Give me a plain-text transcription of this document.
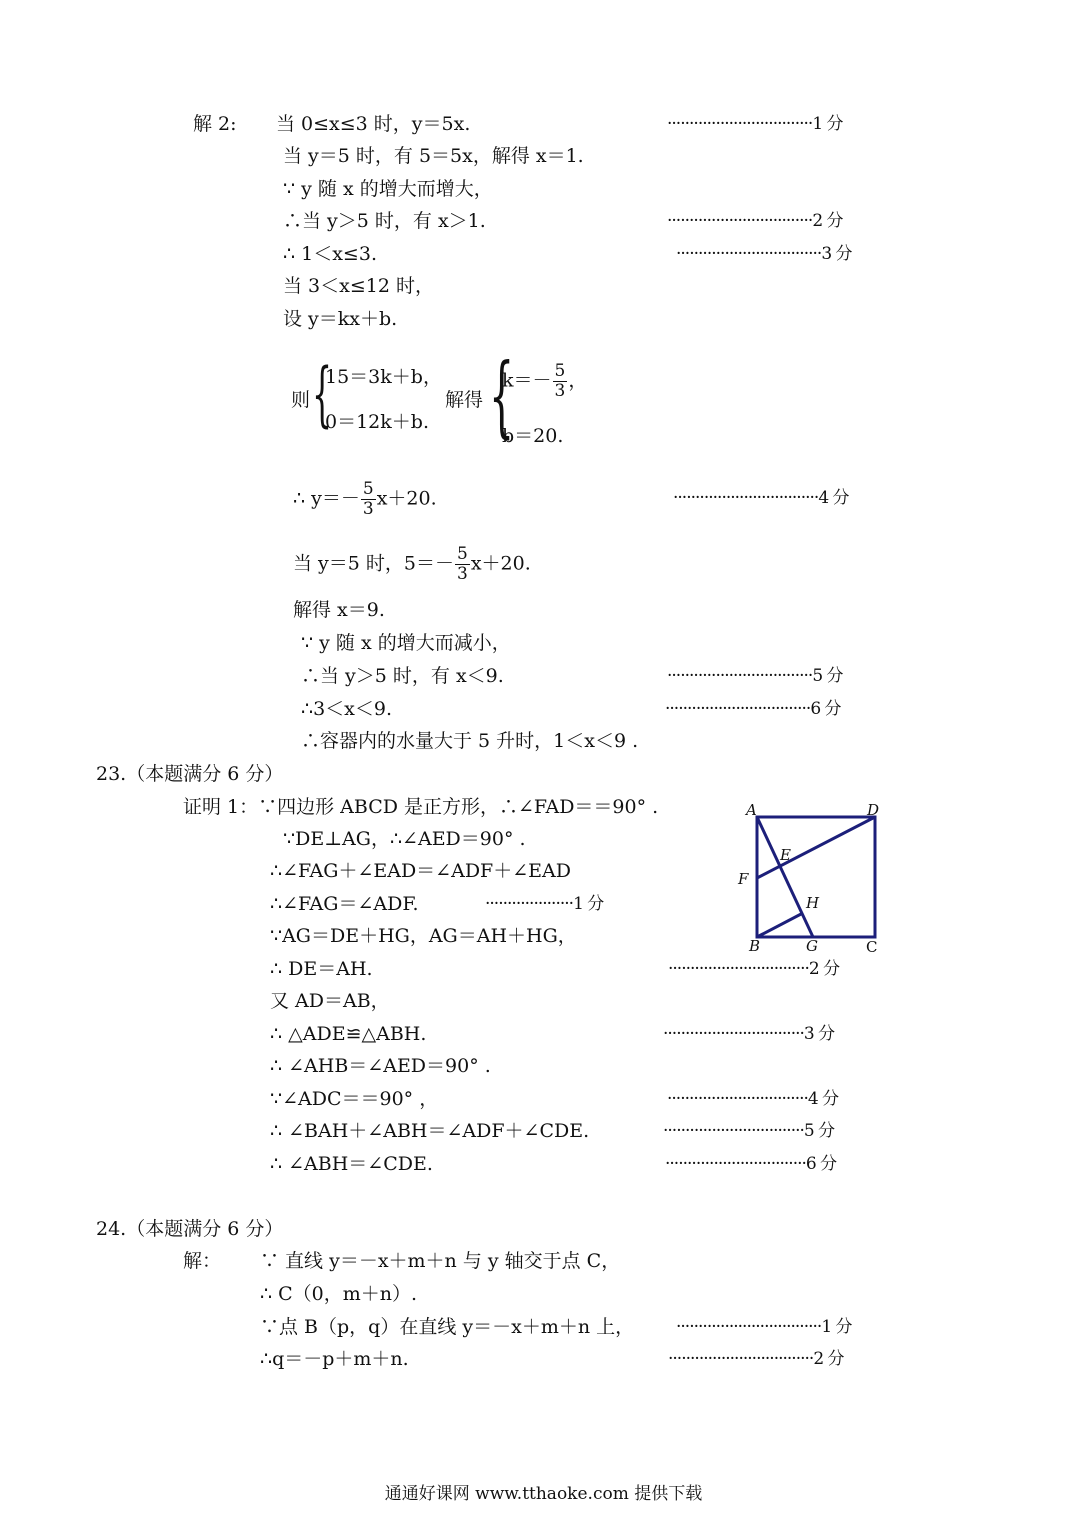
解 2: 当 0≤x≤3 时，y＝5x.	·································1 分
当 y＝5 时，有 5＝5x，解得 x＝1.
∵ y 随 x 的增大而增大，
∴当 y＞5 时，有 x＞1.	·································2 分
∴ 1＜x≤3.	·································3 分
当 3＜x≤12 时，
设 y＝kx＋b.
则 {
15＝3k＋b，
0＝12k＋b.
解得 {
$k=- \frac{5}{3}$ ，
b＝20.
∴ $y=- \frac{5}{3} x+20$.	·································4 分
当 y＝5 时，$5=- \frac{5}{3} x+20$.
解得 x＝9.
∵ y 随 x 的增大而减小，
∴当 y＞5 时，有 x＜9.	·································5 分
∴3＜x＜9.	·································6 分
∴容器内的水量大于 5 升时，1＜x＜9 .
23.（本题满分 6 分）
证明 1：∵四边形 ABCD 是正方形，∴∠FAD＝＝90° .
∵DE⊥AG，∴∠AED＝90° .
∴∠FAG＋∠EAD＝∠ADF＋∠EAD
∴∠FAG＝∠ADF.	····················1 分
∵AG＝DE＋HG，AG＝AH＋HG，
∴ DE＝AH.	································2 分
又 AD＝AB，
∴ △ADE≌△ABH.	································3 分
∴ ∠AHB＝∠AED＝90° .
∵∠ADC＝＝90° ，	································4 分
∴ ∠BAH＋∠ABH＝∠ADF＋∠CDE.	································5 分
∴ ∠ABH＝∠CDE.	································6 分
A	D
E
F
H
B	G	C
24.（本题满分 6 分）
解： ∵ 直线 y＝－x＋m＋n 与 y 轴交于点 C，
∴ C（0，m＋n）.
∵点 B（p，q）在直线 y＝－x＋m＋n 上， ·································1 分
∴q＝－p＋m＋n.	·································2 分
通通好课网 www.tthaoke.com 提供下载
